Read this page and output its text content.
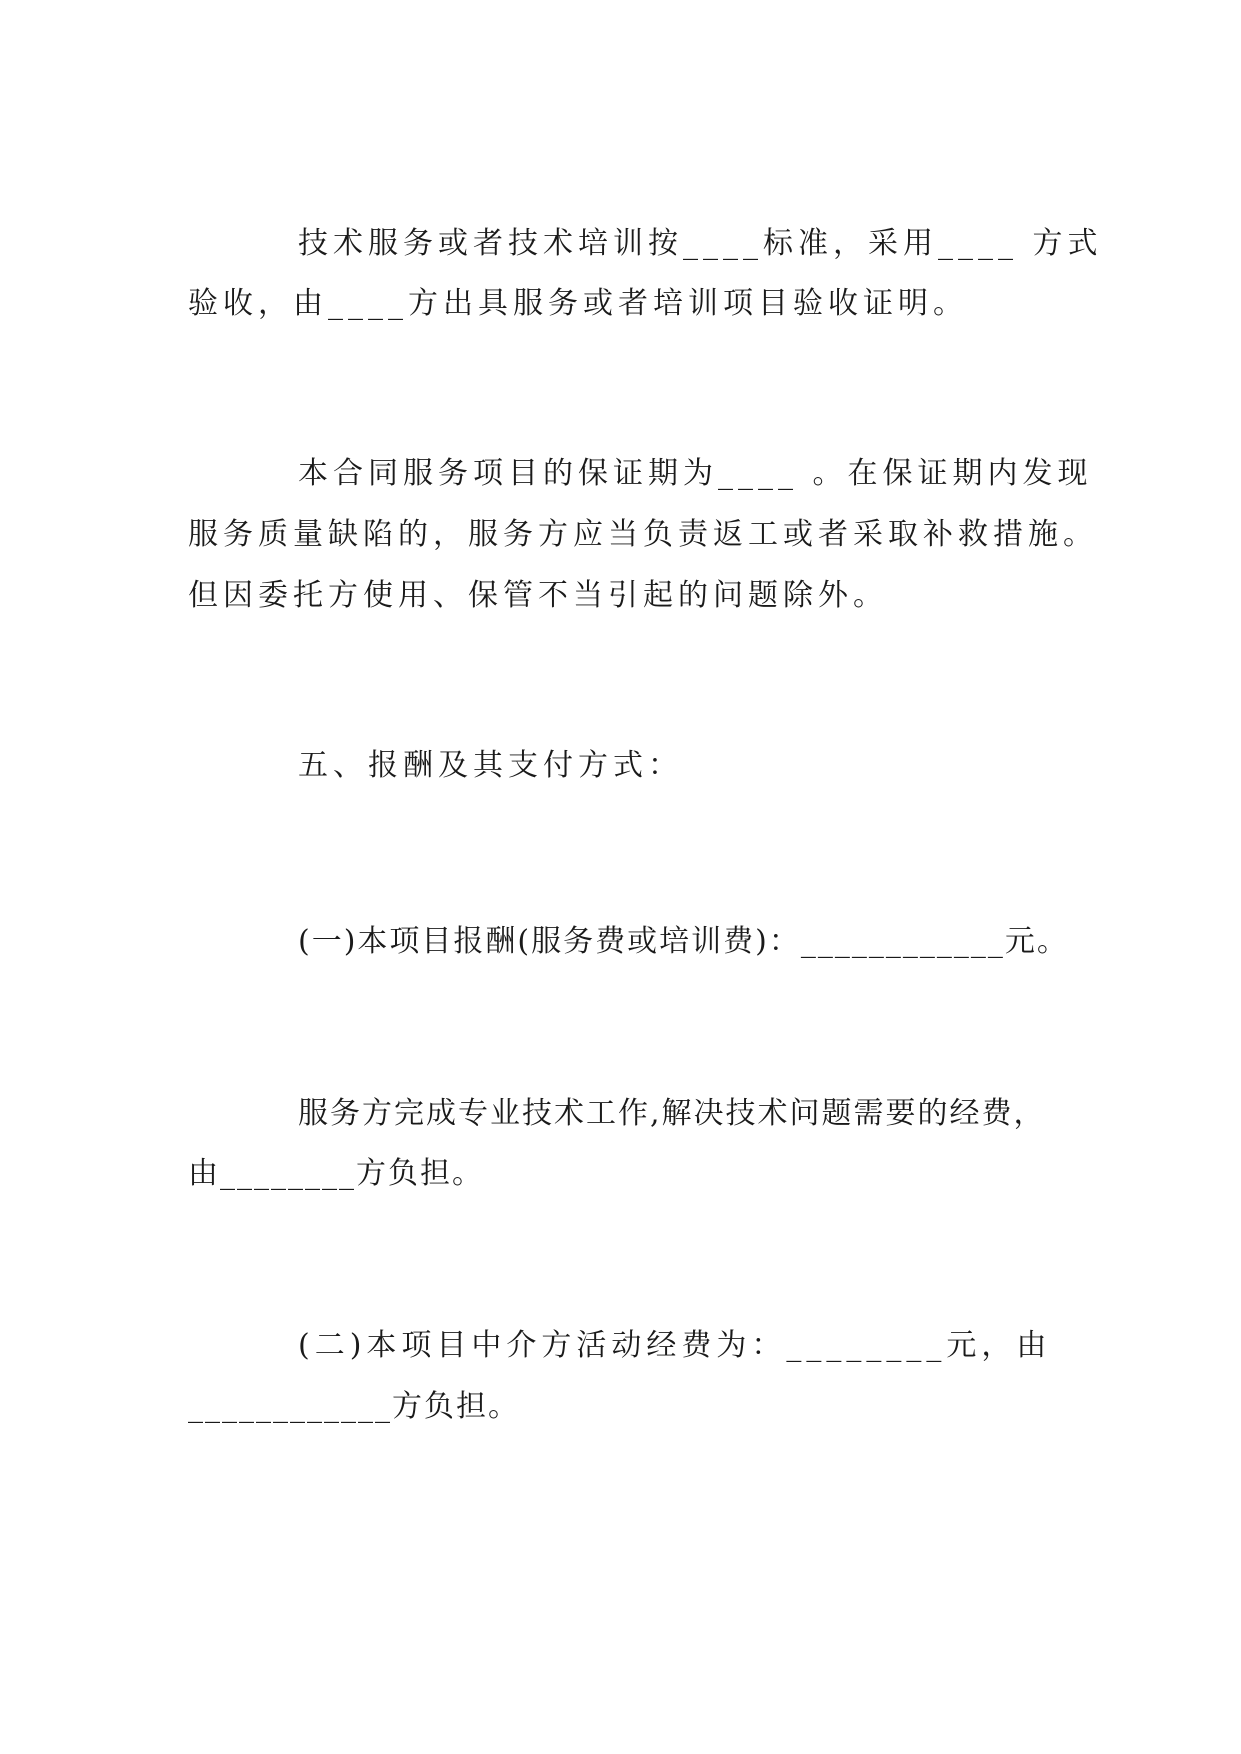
技术服务或者技术培训按____标准，采用____ 方式
验收，由____方出具服务或者培训项目验收证明。
本合同服务项目的保证期为____ 。在保证期内发现
服务质量缺陷的，服务方应当负责返工或者采取补救措施。
但因委托方使用、保管不当引起的问题除外。
五、报酬及其支付方式：
(一)本项目报酬(服务费或培训费)：____________元。
服务方完成专业技术工作,解决技术问题需要的经费，
由________方负担。
(二)本项目中介方活动经费为：________元，由
____________方负担。
